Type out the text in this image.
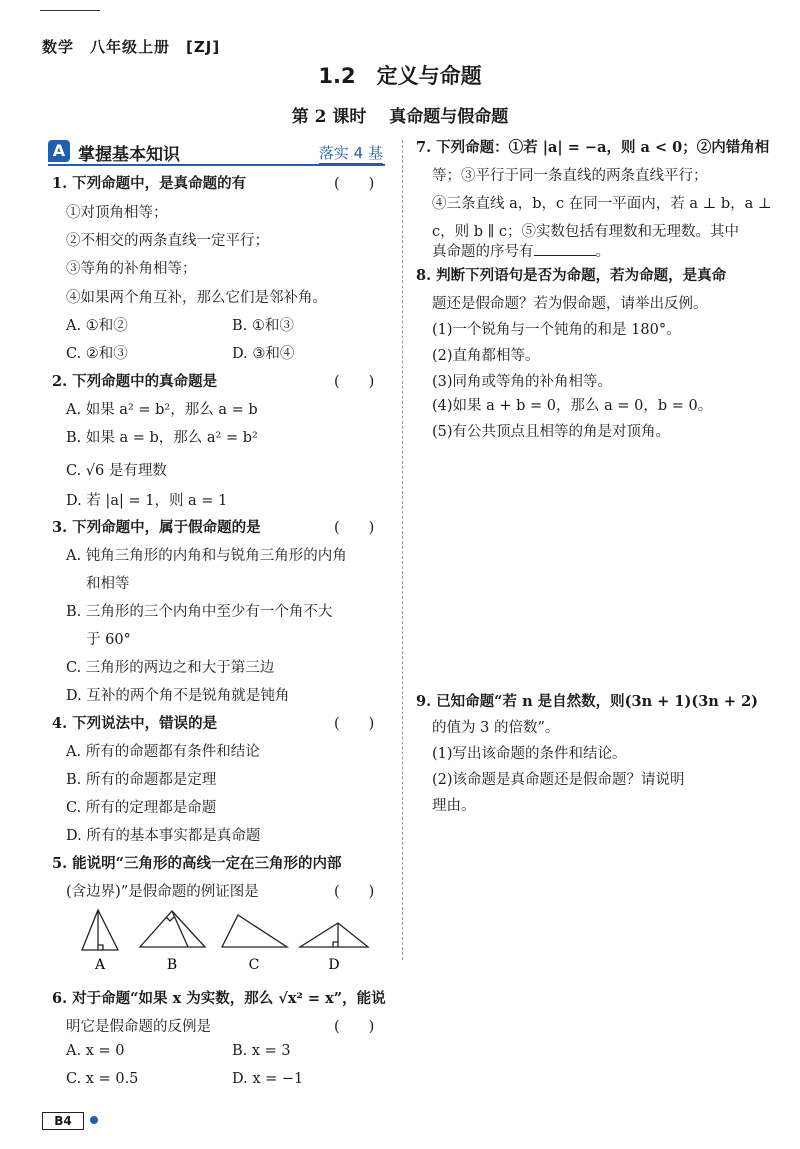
数学　八年级上册　[ZJ]
1.2　定义与命题
第 2 课时　 真命题与假命题
A 掌握基本知识	落实 4 基
1. 下列命题中，是真命题的有	(　　)
①对顶角相等；
②不相交的两条直线一定平行；
③等角的补角相等；
④如果两个角互补，那么它们是邻补角。
A. ①和②	B. ①和③
C. ②和③	D. ③和④
2. 下列命题中的真命题是	(　　)
A. 如果 a² = b²，那么 a = b
B. 如果 a = b，那么 a² = b²
C. √6 是有理数
D. 若 |a| = 1，则 a = 1
3. 下列命题中，属于假命题的是	(　　)
A. 钝角三角形的内角和与锐角三角形的内角
和相等
B. 三角形的三个内角中至少有一个角不大
于 60°
C. 三角形的两边之和大于第三边
D. 互补的两个角不是锐角就是钝角
4. 下列说法中，错误的是	(　　)
A. 所有的命题都有条件和结论
B. 所有的命题都是定理
C. 所有的定理都是命题
D. 所有的基本事实都是真命题
5. 能说明“三角形的高线一定在三角形的内部
(含边界)”是假命题的例证图是	(　　)
6. 对于命题“如果 x 为实数，那么 √x² = x”，能说
明它是假命题的反例是	(　　)
A. x = 0	B. x = 3
C. x = 0.5	D. x = −1
7. 下列命题：①若 |a| = −a，则 a < 0；②内错角相
等；③平行于同一条直线的两条直线平行；
④三条直线 a，b，c 在同一平面内，若 a ⊥ b，a ⊥
c，则 b ∥ c；⑤实数包括有理数和无理数。其中
真命题的序号有	。
8. 判断下列语句是否为命题，若为命题，是真命
题还是假命题？若为假命题，请举出反例。
(1)一个锐角与一个钝角的和是 180°。
(2)直角都相等。
(3)同角或等角的补角相等。
(4)如果 a + b = 0，那么 a = 0，b = 0。
(5)有公共顶点且相等的角是对顶角。
9. 已知命题“若 n 是自然数，则(3n + 1)(3n + 2)
的值为 3 的倍数”。
(1)写出该命题的条件和结论。
(2)该命题是真命题还是假命题？请说明
理由。
A	B	C	D
B4
